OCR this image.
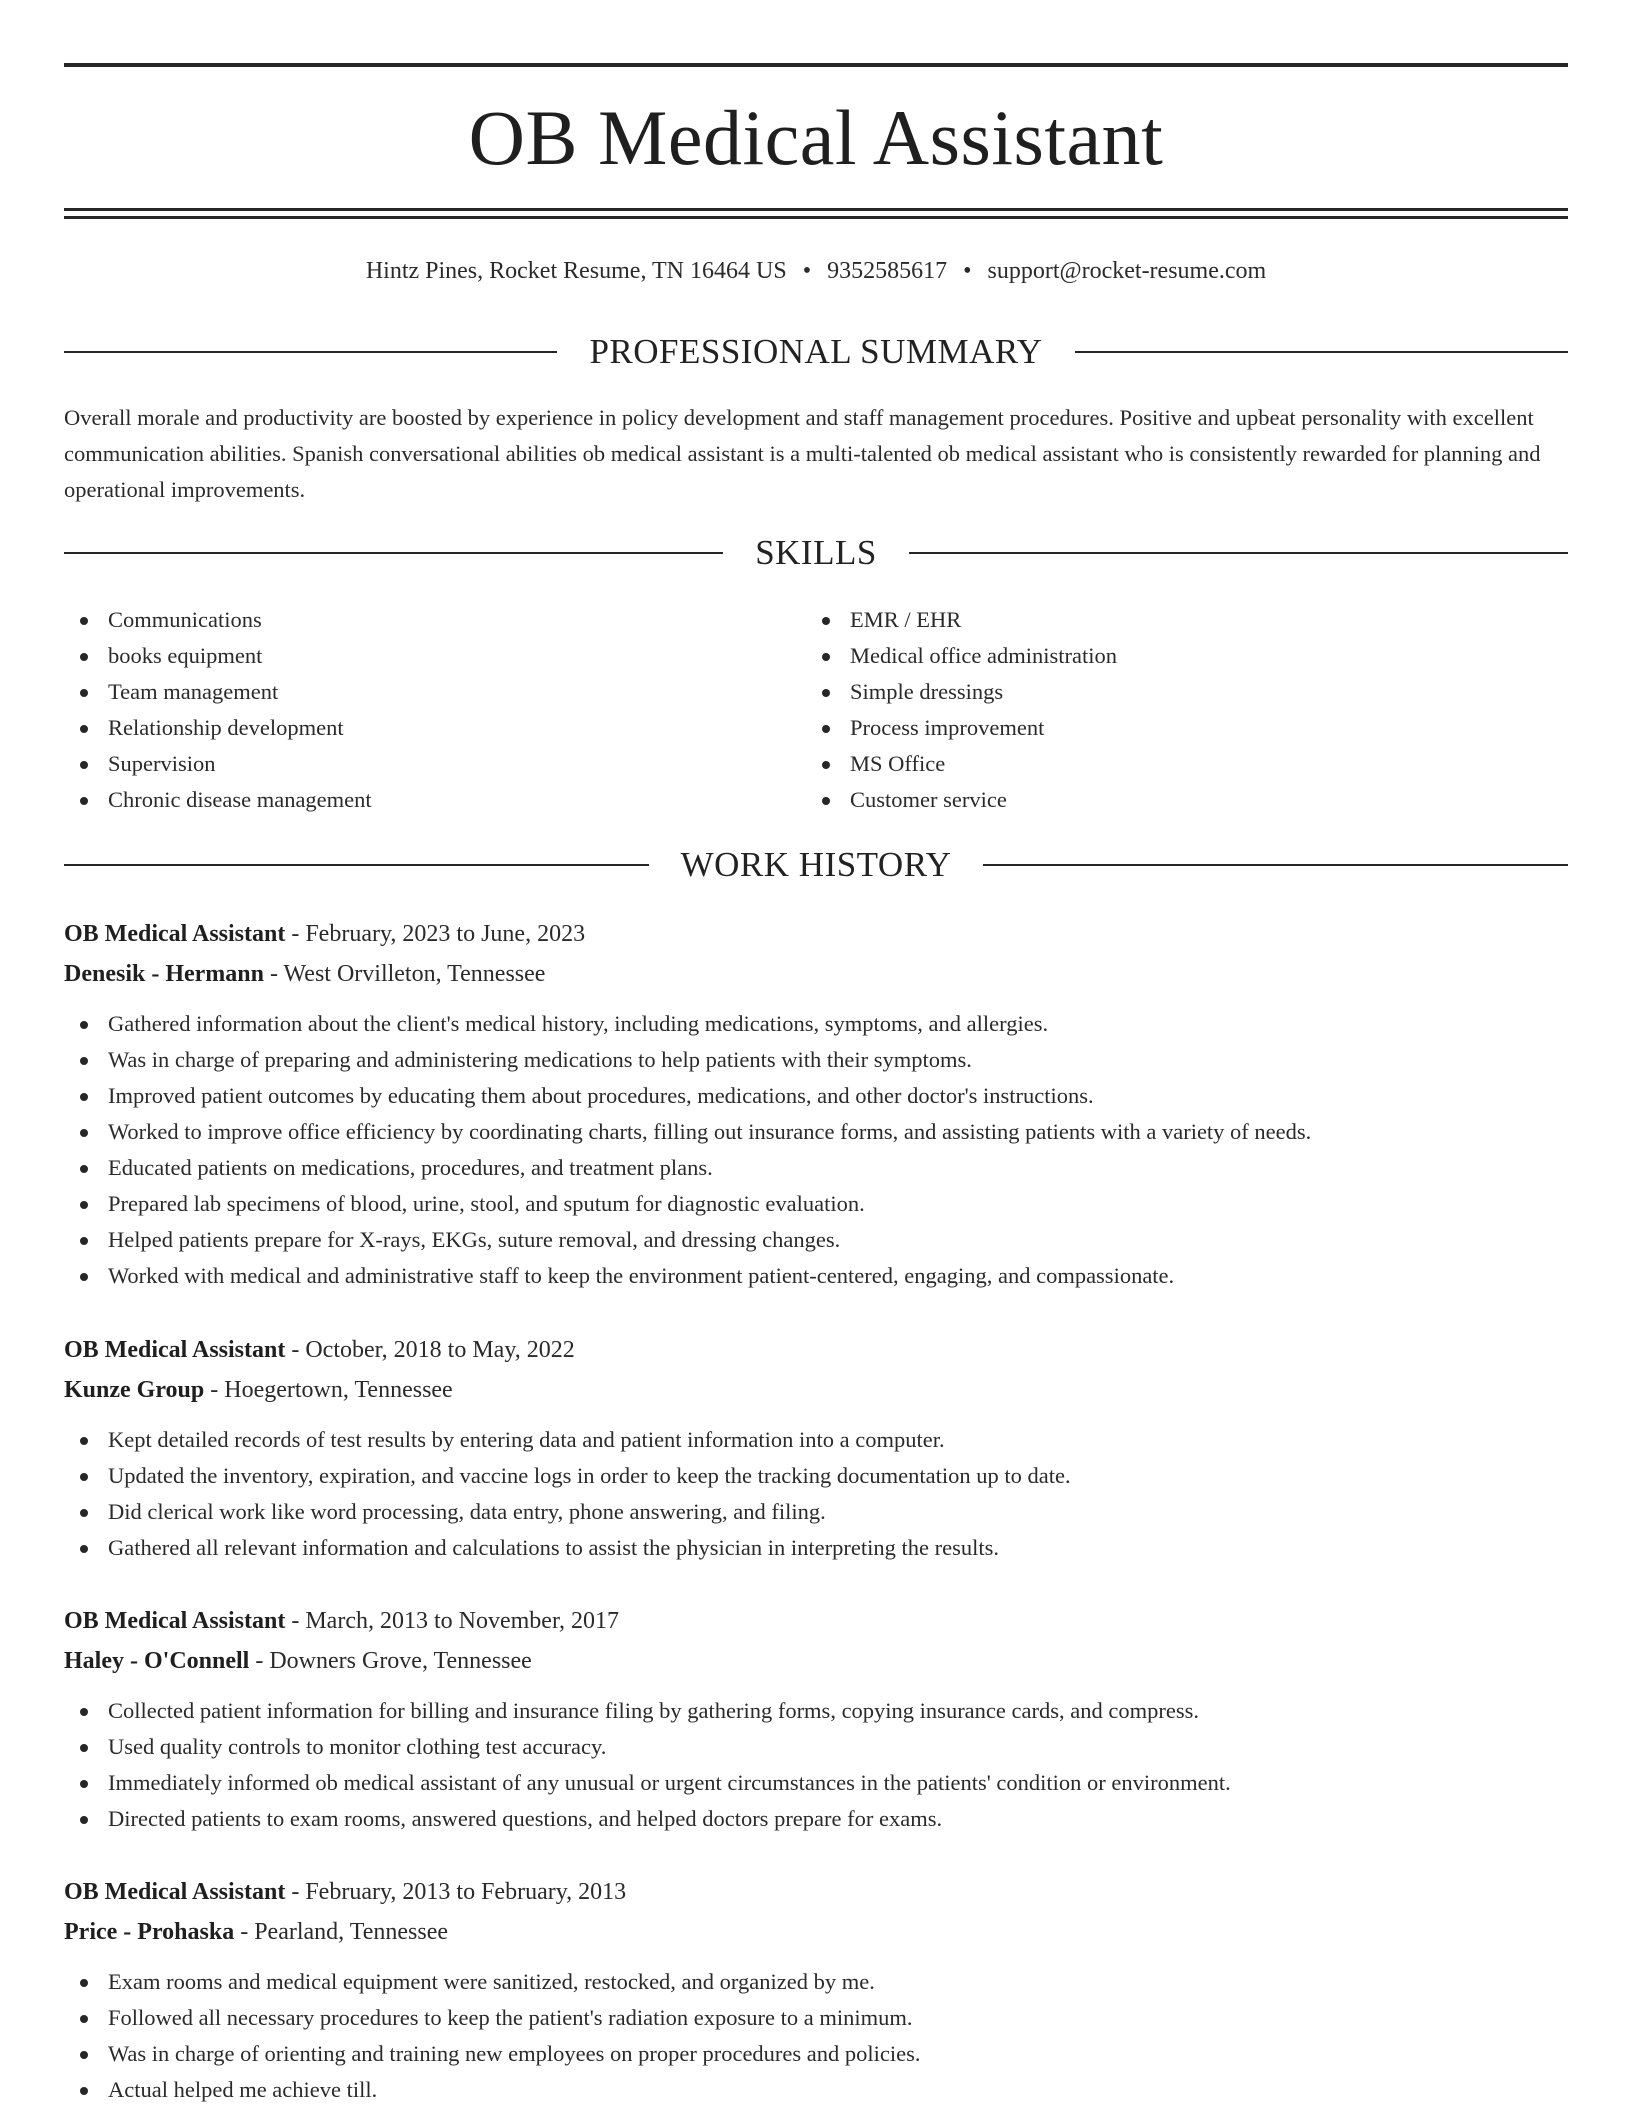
OB Medical Assistant
Hintz Pines, Rocket Resume, TN 16464 US • 9352585617 • support@rocket-resume.com
PROFESSIONAL SUMMARY
Overall morale and productivity are boosted by experience in policy development and staff management procedures. Positive and upbeat personality with excellent communication abilities. Spanish conversational abilities ob medical assistant is a multi-talented ob medical assistant who is consistently rewarded for planning and operational improvements.
SKILLS
Communications
books equipment
Team management
Relationship development
Supervision
Chronic disease management
EMR / EHR
Medical office administration
Simple dressings
Process improvement
MS Office
Customer service
WORK HISTORY
OB Medical Assistant - February, 2023 to June, 2023
Denesik - Hermann - West Orvilleton, Tennessee
Gathered information about the client's medical history, including medications, symptoms, and allergies.
Was in charge of preparing and administering medications to help patients with their symptoms.
Improved patient outcomes by educating them about procedures, medications, and other doctor's instructions.
Worked to improve office efficiency by coordinating charts, filling out insurance forms, and assisting patients with a variety of needs.
Educated patients on medications, procedures, and treatment plans.
Prepared lab specimens of blood, urine, stool, and sputum for diagnostic evaluation.
Helped patients prepare for X-rays, EKGs, suture removal, and dressing changes.
Worked with medical and administrative staff to keep the environment patient-centered, engaging, and compassionate.
OB Medical Assistant - October, 2018 to May, 2022
Kunze Group - Hoegertown, Tennessee
Kept detailed records of test results by entering data and patient information into a computer.
Updated the inventory, expiration, and vaccine logs in order to keep the tracking documentation up to date.
Did clerical work like word processing, data entry, phone answering, and filing.
Gathered all relevant information and calculations to assist the physician in interpreting the results.
OB Medical Assistant - March, 2013 to November, 2017
Haley - O'Connell - Downers Grove, Tennessee
Collected patient information for billing and insurance filing by gathering forms, copying insurance cards, and compress.
Used quality controls to monitor clothing test accuracy.
Immediately informed ob medical assistant of any unusual or urgent circumstances in the patients' condition or environment.
Directed patients to exam rooms, answered questions, and helped doctors prepare for exams.
OB Medical Assistant - February, 2013 to February, 2013
Price - Prohaska - Pearland, Tennessee
Exam rooms and medical equipment were sanitized, restocked, and organized by me.
Followed all necessary procedures to keep the patient's radiation exposure to a minimum.
Was in charge of orienting and training new employees on proper procedures and policies.
Actual helped me achieve till.
